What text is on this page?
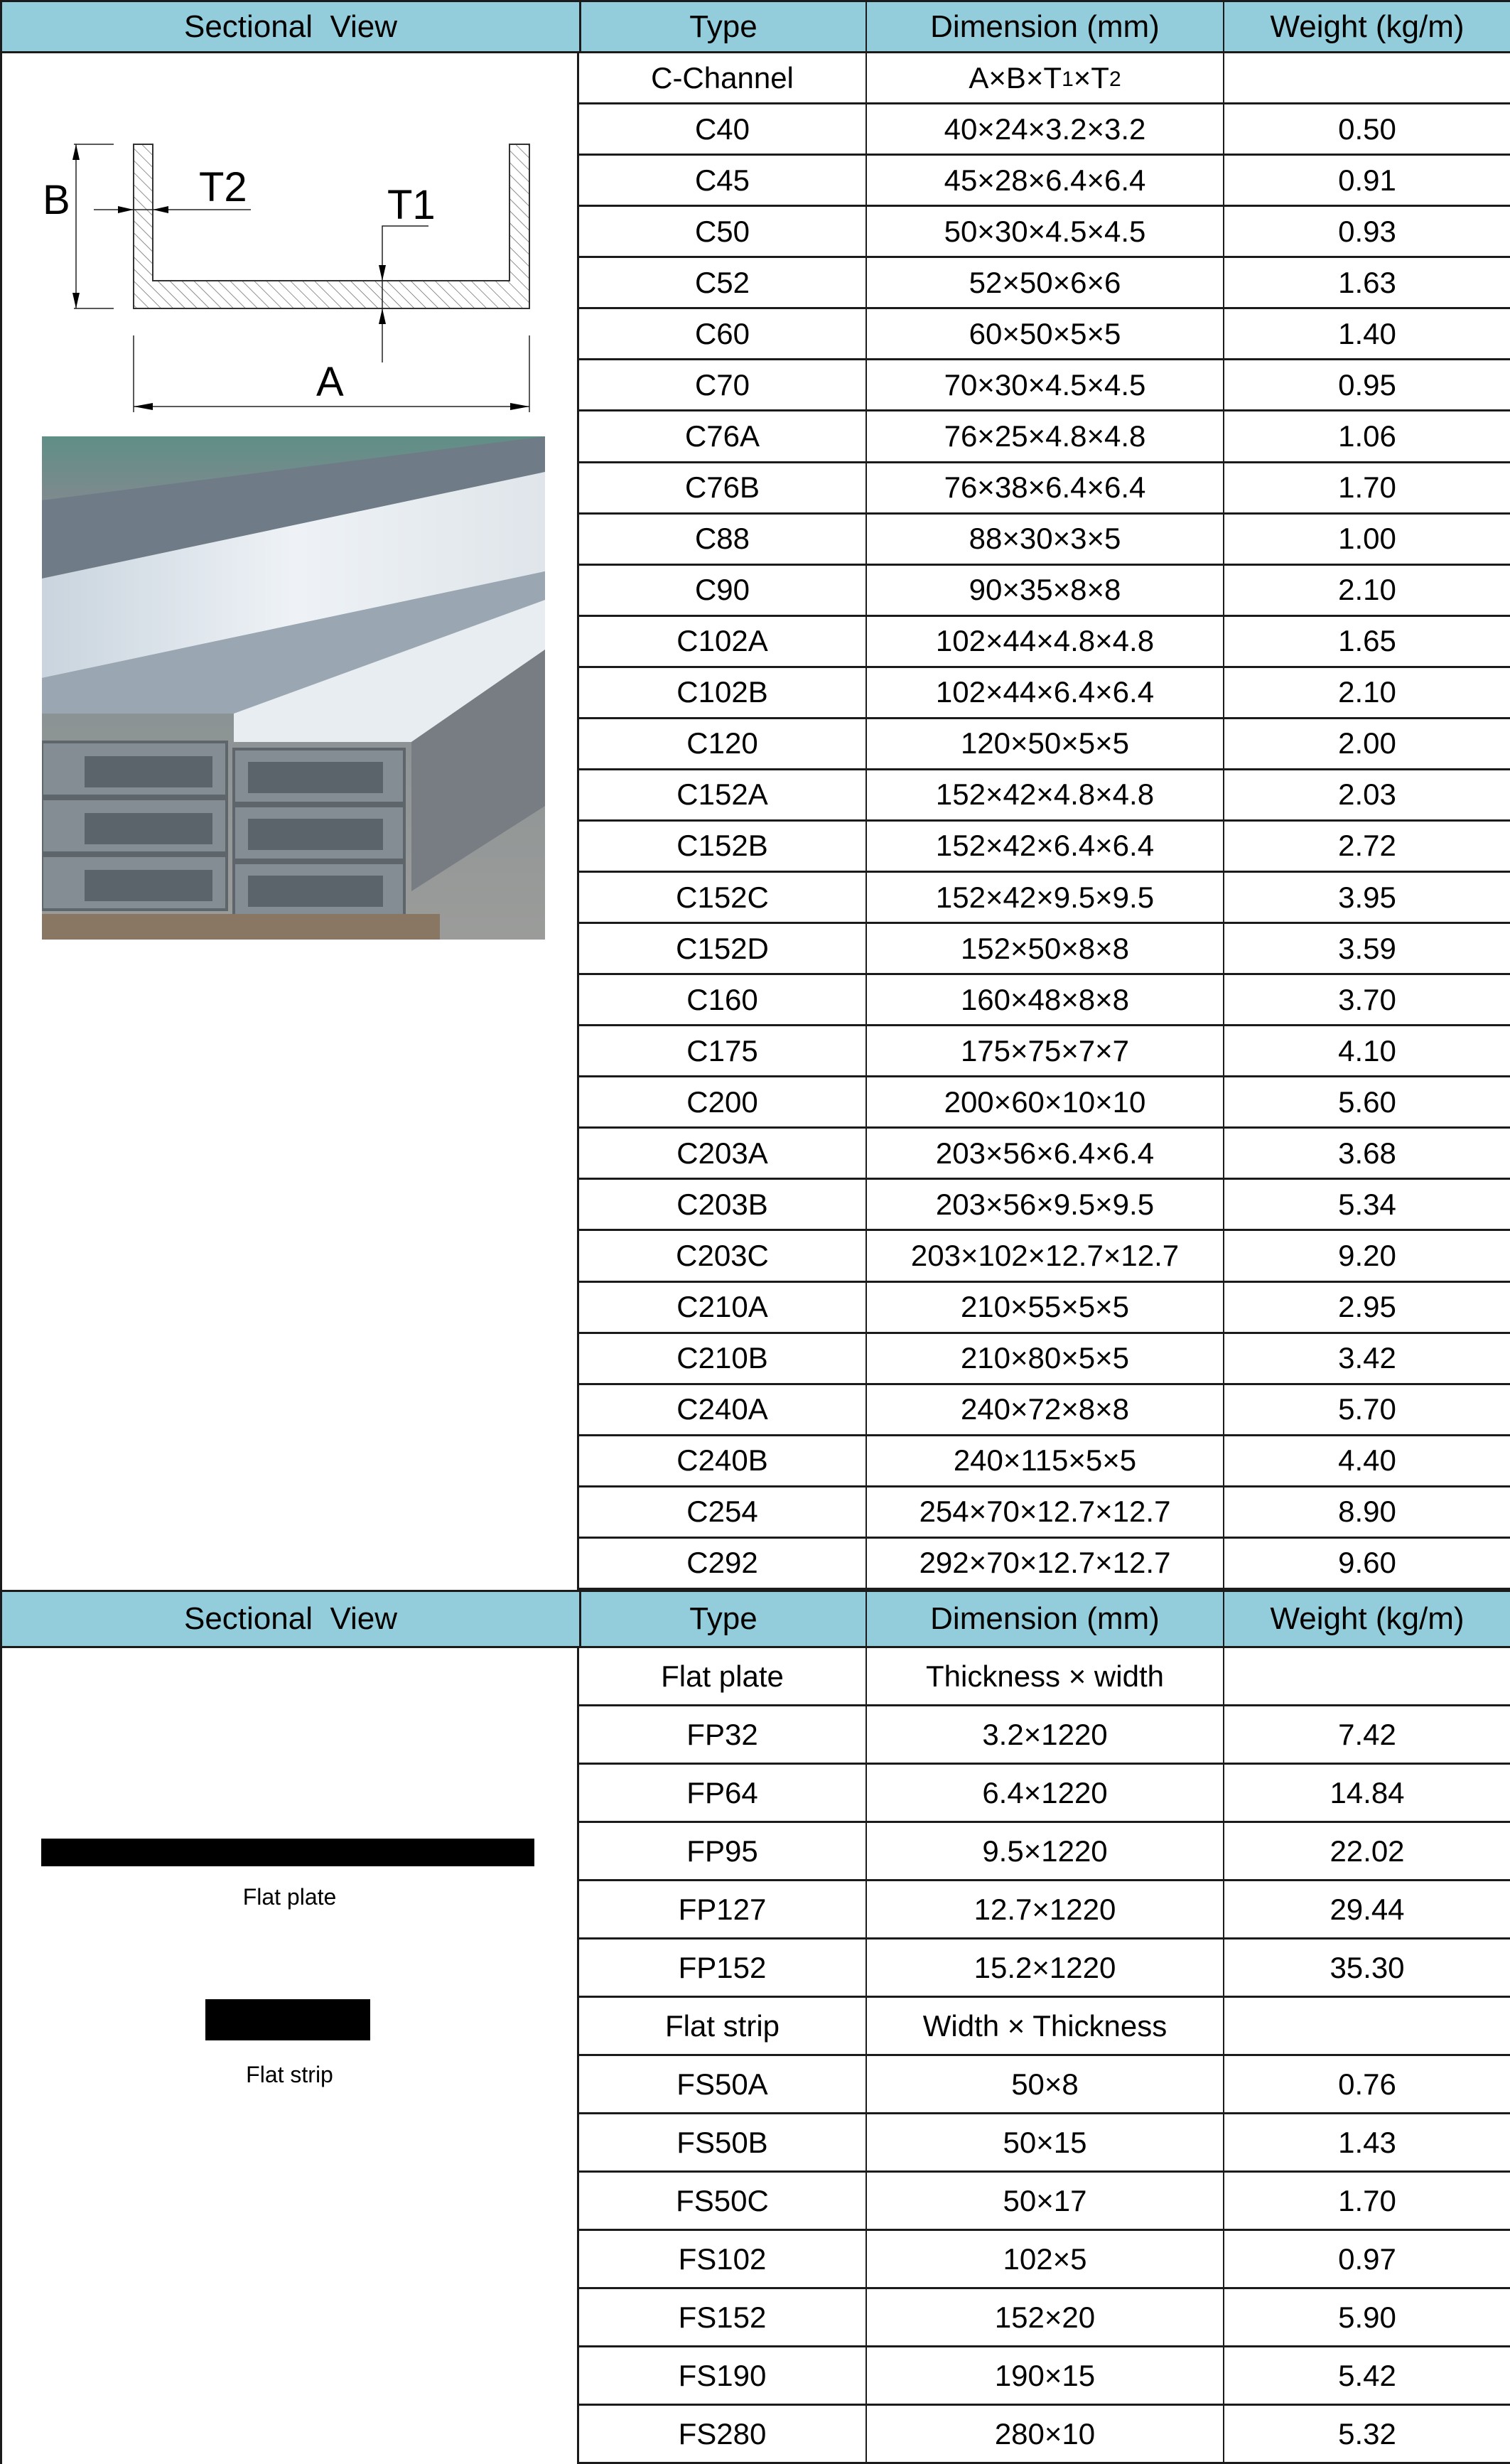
Sectional  View	Type	Dimension (mm)	Weight (kg/m)
B	T2	T1
A
C-Channel	A×B×T 1 ×T 2
C40	40×24×3.2×3.2	0.50
C45	45×28×6.4×6.4	0.91
C50	50×30×4.5×4.5	0.93
C52	52×50×6×6	1.63
C60	60×50×5×5	1.40
C70	70×30×4.5×4.5	0.95
C76A	76×25×4.8×4.8	1.06
C76B	76×38×6.4×6.4	1.70
C88	88×30×3×5	1.00
C90	90×35×8×8	2.10
C102A	102×44×4.8×4.8	1.65
C102B	102×44×6.4×6.4	2.10
C120	120×50×5×5	2.00
C152A	152×42×4.8×4.8	2.03
C152B	152×42×6.4×6.4	2.72
C152C	152×42×9.5×9.5	3.95
C152D	152×50×8×8	3.59
C160	160×48×8×8	3.70
C175	175×75×7×7	4.10
C200	200×60×10×10	5.60
C203A	203×56×6.4×6.4	3.68
C203B	203×56×9.5×9.5	5.34
C203C	203×102×12.7×12.7	9.20
C210A	210×55×5×5	2.95
C210B	210×80×5×5	3.42
C240A	240×72×8×8	5.70
C240B	240×115×5×5	4.40
C254	254×70×12.7×12.7	8.90
C292	292×70×12.7×12.7	9.60
Sectional  View	Type	Dimension (mm)	Weight (kg/m)
Flat plate
Flat strip
Flat plate	Thickness × width
FP32	3.2×1220	7.42
FP64	6.4×1220	14.84
FP95	9.5×1220	22.02
FP127	12.7×1220	29.44
FP152	15.2×1220	35.30
Flat strip	Width × Thickness
FS50A	50×8	0.76
FS50B	50×15	1.43
FS50C	50×17	1.70
FS102	102×5	0.97
FS152	152×20	5.90
FS190	190×15	5.42
FS280	280×10	5.32
